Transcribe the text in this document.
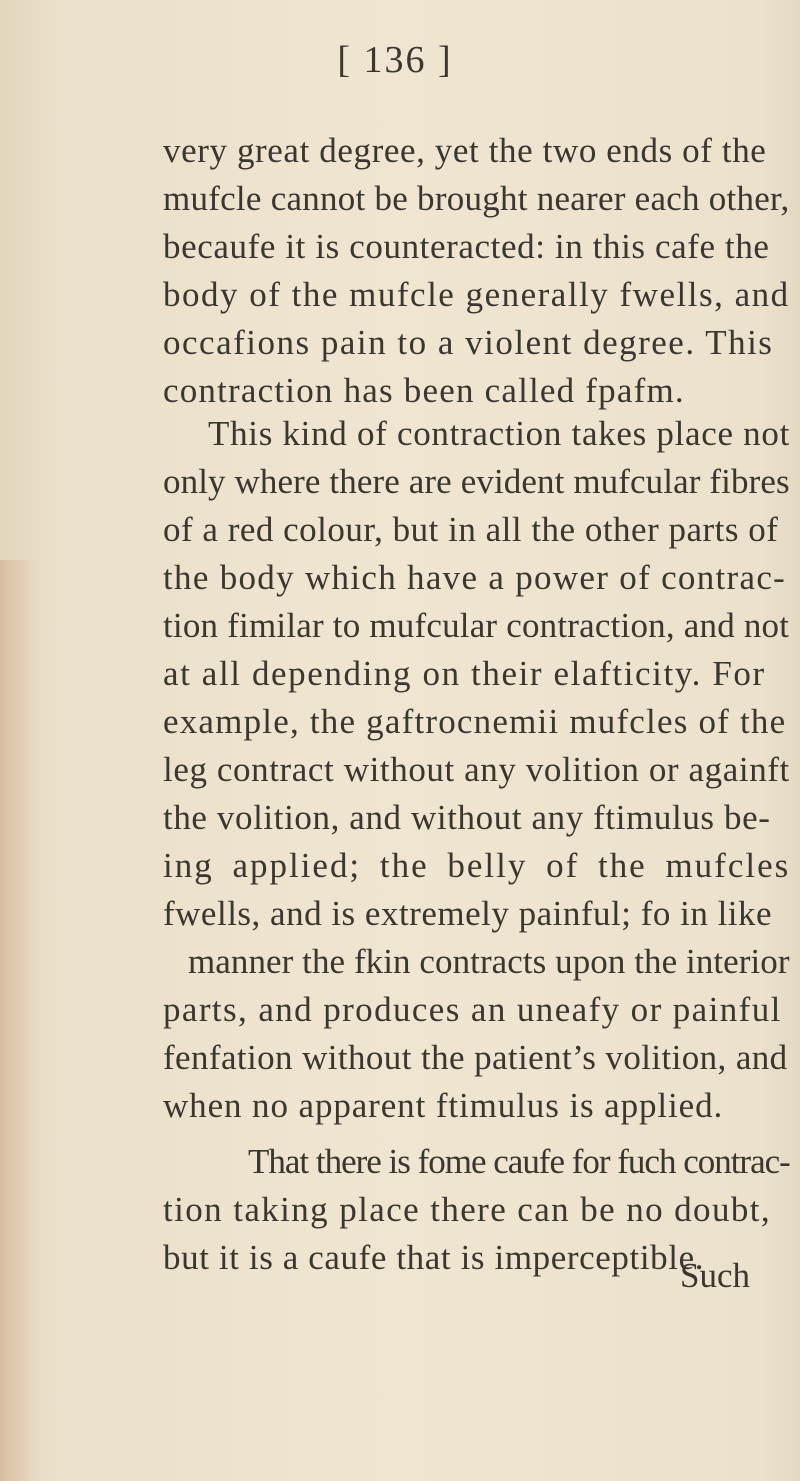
[ 136 ]
very great degree, yet the two ends of the
mufcle cannot be brought nearer each other,
becaufe it is counteracted: in this cafe the
body of the mufcle generally fwells, and
occafions pain to a violent degree. This
contraction has been called fpafm.
This kind of contraction takes place not
only where there are evident mufcular fibres
of a red colour, but in all the other parts of
the body which have a power of contrac-
tion fimilar to mufcular contraction, and not
at all depending on their elafticity. For
example, the gaftrocnemii mufcles of the
leg contract without any volition or againft
the volition, and without any ftimulus be-
ing applied; the belly of the mufcles
fwells, and is extremely painful; fo in like
manner the fkin contracts upon the interior
parts, and produces an uneafy or painful
fenfation without the patient’s volition, and
when no apparent ftimulus is applied.
That there is fome caufe for fuch contrac-
tion taking place there can be no doubt,
but it is a caufe that is imperceptible.
Such
